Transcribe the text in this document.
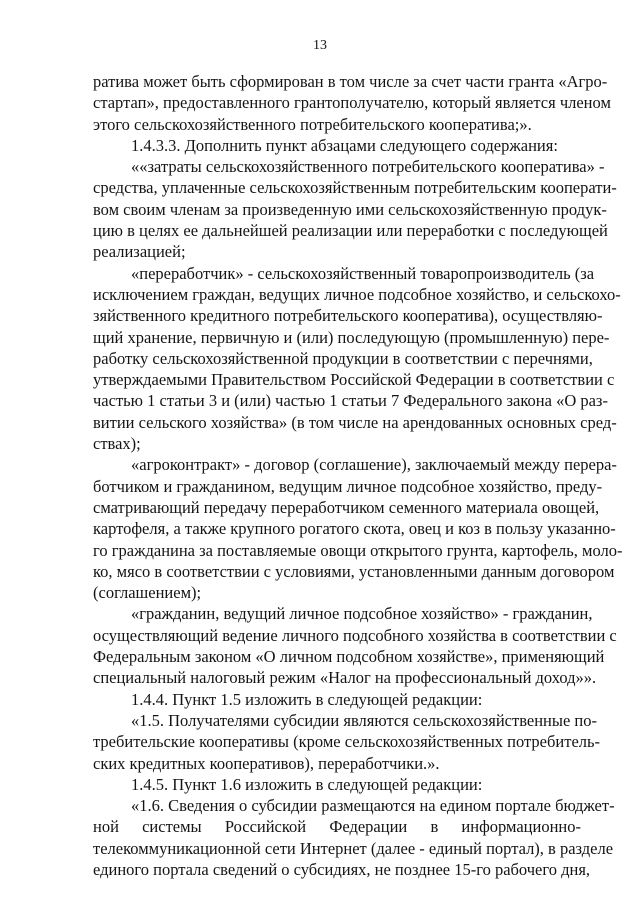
13
ратива может быть сформирован в том числе за счет части гранта «Агро-
стартап», предоставленного грантополучателю, который является членом
этого сельскохозяйственного потребительского кооператива;».
1.4.3.3. Дополнить пункт абзацами следующего содержания:
««затраты сельскохозяйственного потребительского кооператива» -
средства, уплаченные сельскохозяйственным потребительским кооперати-
вом своим членам за произведенную ими сельскохозяйственную продук-
цию в целях ее дальнейшей реализации или переработки с последующей
реализацией;
«переработчик» - сельскохозяйственный товаропроизводитель (за
исключением граждан, ведущих личное подсобное хозяйство, и сельскохо-
зяйственного кредитного потребительского кооператива), осуществляю-
щий хранение, первичную и (или) последующую (промышленную) пере-
работку сельскохозяйственной продукции в соответствии с перечнями,
утверждаемыми Правительством Российской Федерации в соответствии с
частью 1 статьи 3 и (или) частью 1 статьи 7 Федерального закона «О раз-
витии сельского хозяйства» (в том числе на арендованных основных сред-
ствах);
«агроконтракт» - договор (соглашение), заключаемый между перера-
ботчиком и гражданином, ведущим личное подсобное хозяйство, преду-
сматривающий передачу переработчиком семенного материала овощей,
картофеля, а также крупного рогатого скота, овец и коз в пользу указанно-
го гражданина за поставляемые овощи открытого грунта, картофель, моло-
ко, мясо в соответствии с условиями, установленными данным договором
(соглашением);
«гражданин, ведущий личное подсобное хозяйство» - гражданин,
осуществляющий ведение личного подсобного хозяйства в соответствии с
Федеральным законом «О личном подсобном хозяйстве», применяющий
специальный налоговый режим «Налог на профессиональный доход»».
1.4.4. Пункт 1.5 изложить в следующей редакции:
«1.5. Получателями субсидии являются сельскохозяйственные по-
требительские кооперативы (кроме сельскохозяйственных потребитель-
ских кредитных кооперативов), переработчики.».
1.4.5. Пункт 1.6 изложить в следующей редакции:
«1.6. Сведения о субсидии размещаются на едином портале бюджет-
ной системы Российской Федерации в информационно-
телекоммуникационной сети Интернет (далее - единый портал), в разделе
единого портала сведений о субсидиях, не позднее 15-го рабочего дня,
